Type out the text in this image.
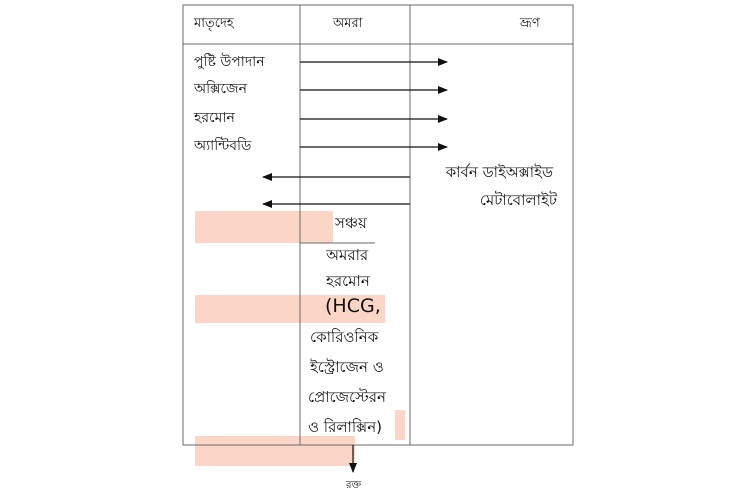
মাতৃদেহ	অমরা	ভ্রূণ
পুষ্টি উপাদান
অক্সিজেন
হরমোন
অ্যান্টিবডি
কার্বন ডাইঅক্সাইড
মেটাবোলাইট
সঞ্চয়
অমরার
হরমোন
(HCG,
কোরিওনিক
ইস্ট্রোজেন ও
প্রোজেস্টেরন
ও রিলাক্সিন)
রক্ত
